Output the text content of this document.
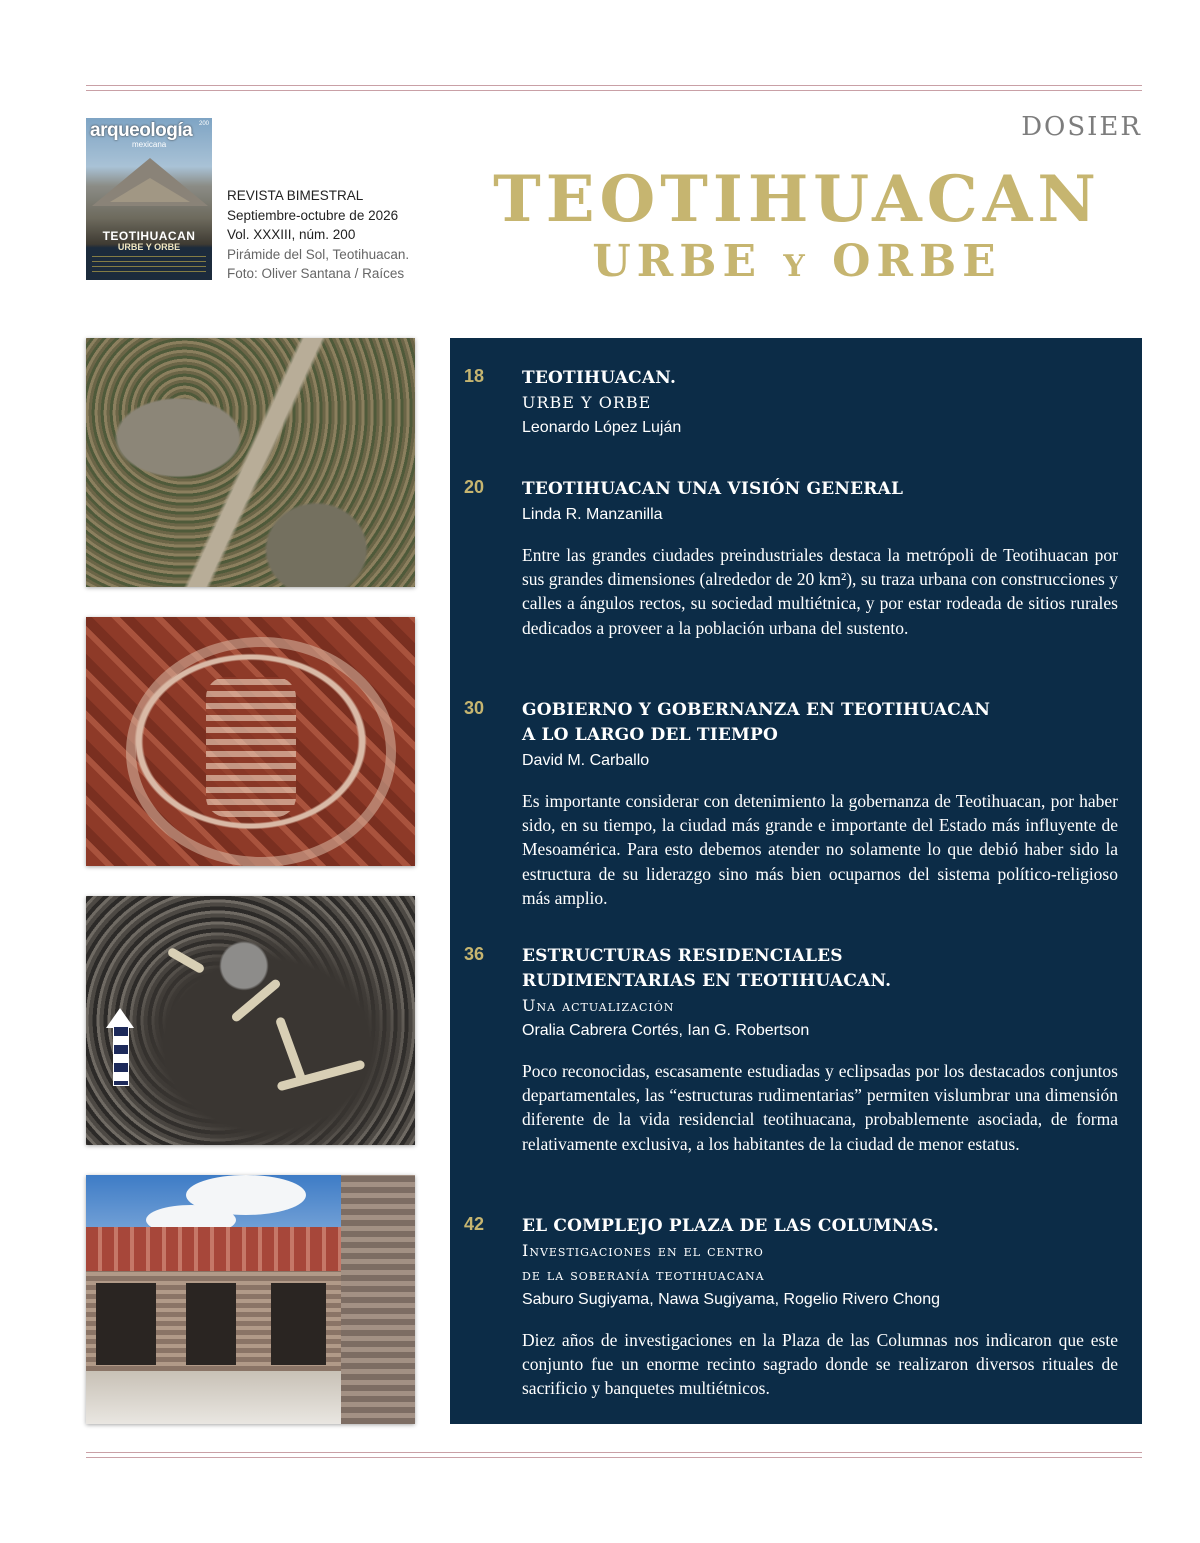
arqueología
mexicana
200
TEOTIHUACAN
URBE Y ORBE
REVISTA BIMESTRAL
Septiembre-octubre de 2026
Vol. XXXIII, núm. 200
Pirámide del Sol, Teotihuacan.
Foto: Oliver Santana / Raíces
DOSIER
TEOTIHUACAN
URBE Y ORBE
18 TEOTIHUACAN.
URBE Y ORBE
Leonardo López Luján
20 TEOTIHUACAN UNA VISIÓN GENERAL
Linda R. Manzanilla
Entre las grandes ciudades preindustriales destaca la metrópoli de Teotihuacan por sus grandes dimensiones (alrededor de 20 km²), su traza urbana con construcciones y calles a ángulos rectos, su sociedad multiétnica, y por estar rodeada de sitios rurales dedicados a proveer a la población urbana del sustento.
30 GOBIERNO Y GOBERNANZA EN TEOTIHUACAN
A LO LARGO DEL TIEMPO
David M. Carballo
Es importante considerar con detenimiento la gobernanza de Teotihuacan, por haber sido, en su tiempo, la ciudad más grande e importante del Estado más influyente de Mesoamérica. Para esto debemos atender no solamente lo que debió haber sido la estructura de su liderazgo sino más bien ocuparnos del sistema político-religioso más amplio.
36 ESTRUCTURAS RESIDENCIALES
RUDIMENTARIAS EN TEOTIHUACAN.
Una actualización
Oralia Cabrera Cortés, Ian G. Robertson
Poco reconocidas, escasamente estudiadas y eclipsadas por los destacados conjuntos departamentales, las “estructuras rudimentarias” permiten vislumbrar una dimensión diferente de la vida residencial teotihuacana, probablemente asociada, de forma relativamente exclusiva, a los habitantes de la ciudad de menor estatus.
42 EL COMPLEJO PLAZA DE LAS COLUMNAS.
Investigaciones en el centro
de la soberanía teotihuacana
Saburo Sugiyama, Nawa Sugiyama, Rogelio Rivero Chong
Diez años de investigaciones en la Plaza de las Columnas nos indicaron que este conjunto fue un enorme recinto sagrado donde se realizaron diversos rituales de sacrificio y banquetes multiétnicos.
